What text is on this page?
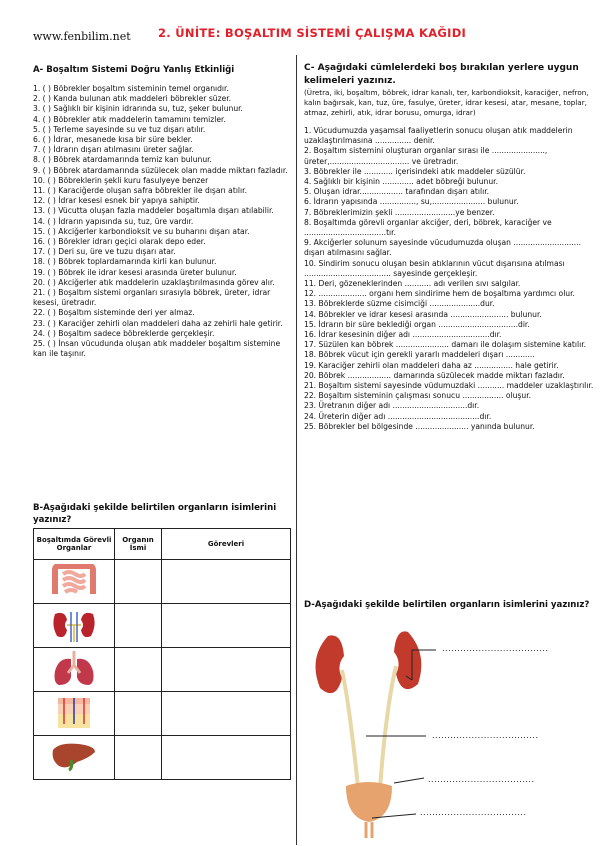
www.fenbilim.net 2. ÜNİTE: BOŞALTIM SİSTEMİ ÇALIŞMA KAĞIDI
A- Boşaltım Sistemi Doğru Yanlış Etkinliği
1. ( ) Böbrekler boşaltım sisteminin temel organıdır.
2. ( ) Kanda bulunan atık maddeleri böbrekler süzer.
3. ( ) Sağlıklı bir kişinin idrarında su, tuz, şeker bulunur.
4. ( ) Böbrekler atık maddelerin tamamını temizler.
5. ( ) Terleme sayesinde su ve tuz dışarı atılır.
6. ( ) İdrar, mesanede kısa bir süre bekler.
7. ( ) İdrarın dışarı atılmasını üreter sağlar.
8. ( ) Böbrek atardamarında temiz kan bulunur.
9. ( ) Böbrek atardamarında süzülecek olan madde miktarı fazladır.
10. ( ) Böbreklerin şekli kuru fasulyeye benzer
11. ( ) Karaciğerde oluşan safra böbrekler ile dışarı atılır.
12. ( ) İdrar kesesi esnek bir yapıya sahiptir.
13. ( ) Vücutta oluşan fazla maddeler boşaltımla dışarı atılabilir.
14. ( ) İdrarın yapısında su, tuz, üre vardır.
15. ( ) Akciğerler karbondioksit ve su buharını dışarı atar.
16. ( ) Börekler idrarı geçici olarak depo eder.
17. ( ) Deri su, üre ve tuzu dışarı atar.
18. ( ) Böbrek toplardamarında kirli kan bulunur.
19. ( ) Böbrek ile idrar kesesi arasında üreter bulunur.
20. ( ) Akciğerler atık maddelerin uzaklaştırılmasında görev alır.
21. ( ) Boşaltım sistemi organları sırasıyla böbrek, üreter, idrar kesesi, üretradır.
22. ( ) Boşaltım sisteminde deri yer almaz.
23. ( ) Karaciğer zehirli olan maddeleri daha az zehirli hale getirir.
24. ( ) Boşaltım sadece böbreklerde gerçekleşir.
25. ( ) İnsan vücudunda oluşan atık maddeler boşaltım sistemine kan ile taşınır.
B-Aşağıdaki şekilde belirtilen organların isimlerini yazınız?
Boşaltımda Görevli Organlar	Organın İsmi	Görevleri

C- Aşağıdaki cümlelerdeki boş bırakılan yerlere uygun kelimeleri yazınız.
(Üretra, iki, boşaltım, böbrek, idrar kanalı, ter, karbondioksit, karaciğer, nefron, kalın bağırsak, kan, tuz, üre, fasulye, üreter, idrar kesesi, atar, mesane, toplar, atmaz, zehirli, atık, idrar borusu, omurga, idrar)
1. Vücudumuzda yaşamsal faaliyetlerin sonucu oluşan atık maddelerin uzaklaştırılmasına ............... denir.
2. Boşaltım sistemini oluşturan organlar sırası ile ......................, üreter,................................. ve üretradır.
3. Böbrekler ile ............ içerisindeki atık maddeler süzülür.
4. Sağlıklı bir kişinin ............. adet böbreği bulunur.
5. Oluşan idrar.................. tarafından dışarı atılır.
6. İdrarın yapısında ..............., su,...................... bulunur.
7. Böbreklerimizin şekli .........................ye benzer.
8. Boşaltımda görevli organlar akciğer, deri, böbrek, karaciğer ve ..................................tır.
9. Akciğerler solunum sayesinde vücudumuzda oluşan ............................ dışarı atılmasını sağlar.
10. Sindirim sonucu oluşan besin atıklarının vücut dışarısına atılması .................................... sayesinde gerçekleşir.
11. Deri, gözeneklerinden ........... adı verilen sıvı salgılar.
12. .................... organı hem sindirime hem de boşaltıma yardımcı olur.
13. Böbreklerde süzme cisimciği .....................dur.
14. Böbrekler ve idrar kesesi arasında ........................ bulunur.
15. İdrarın bir süre beklediği organ .................................dir.
16. İdrar kesesinin diğer adı ................................dır.
17. Süzülen kan böbrek ...................... damarı ile dolaşım sistemine katılır.
18. Böbrek vücut için gerekli yararlı maddeleri dışarı ............
19. Karaciğer zehirli olan maddeleri daha az ................ hale getirir.
20. Böbrek .................. damarında süzülecek madde miktarı fazladır.
21. Boşaltım sistemi sayesinde vüdumuzdaki ........... maddeler uzaklaştırılır.
22. Boşaltım sisteminin çalışması sonucu ................. oluşur.
23. Üretranın diğer adı ...............................dır.
24. Üreterin diğer adı ......................................dır.
25. Böbrekler bel bölgesinde ...................... yanında bulunur.
D-Aşağıdaki şekilde belirtilen organların isimlerini yazınız?
...................................
...................................
...................................
...................................
